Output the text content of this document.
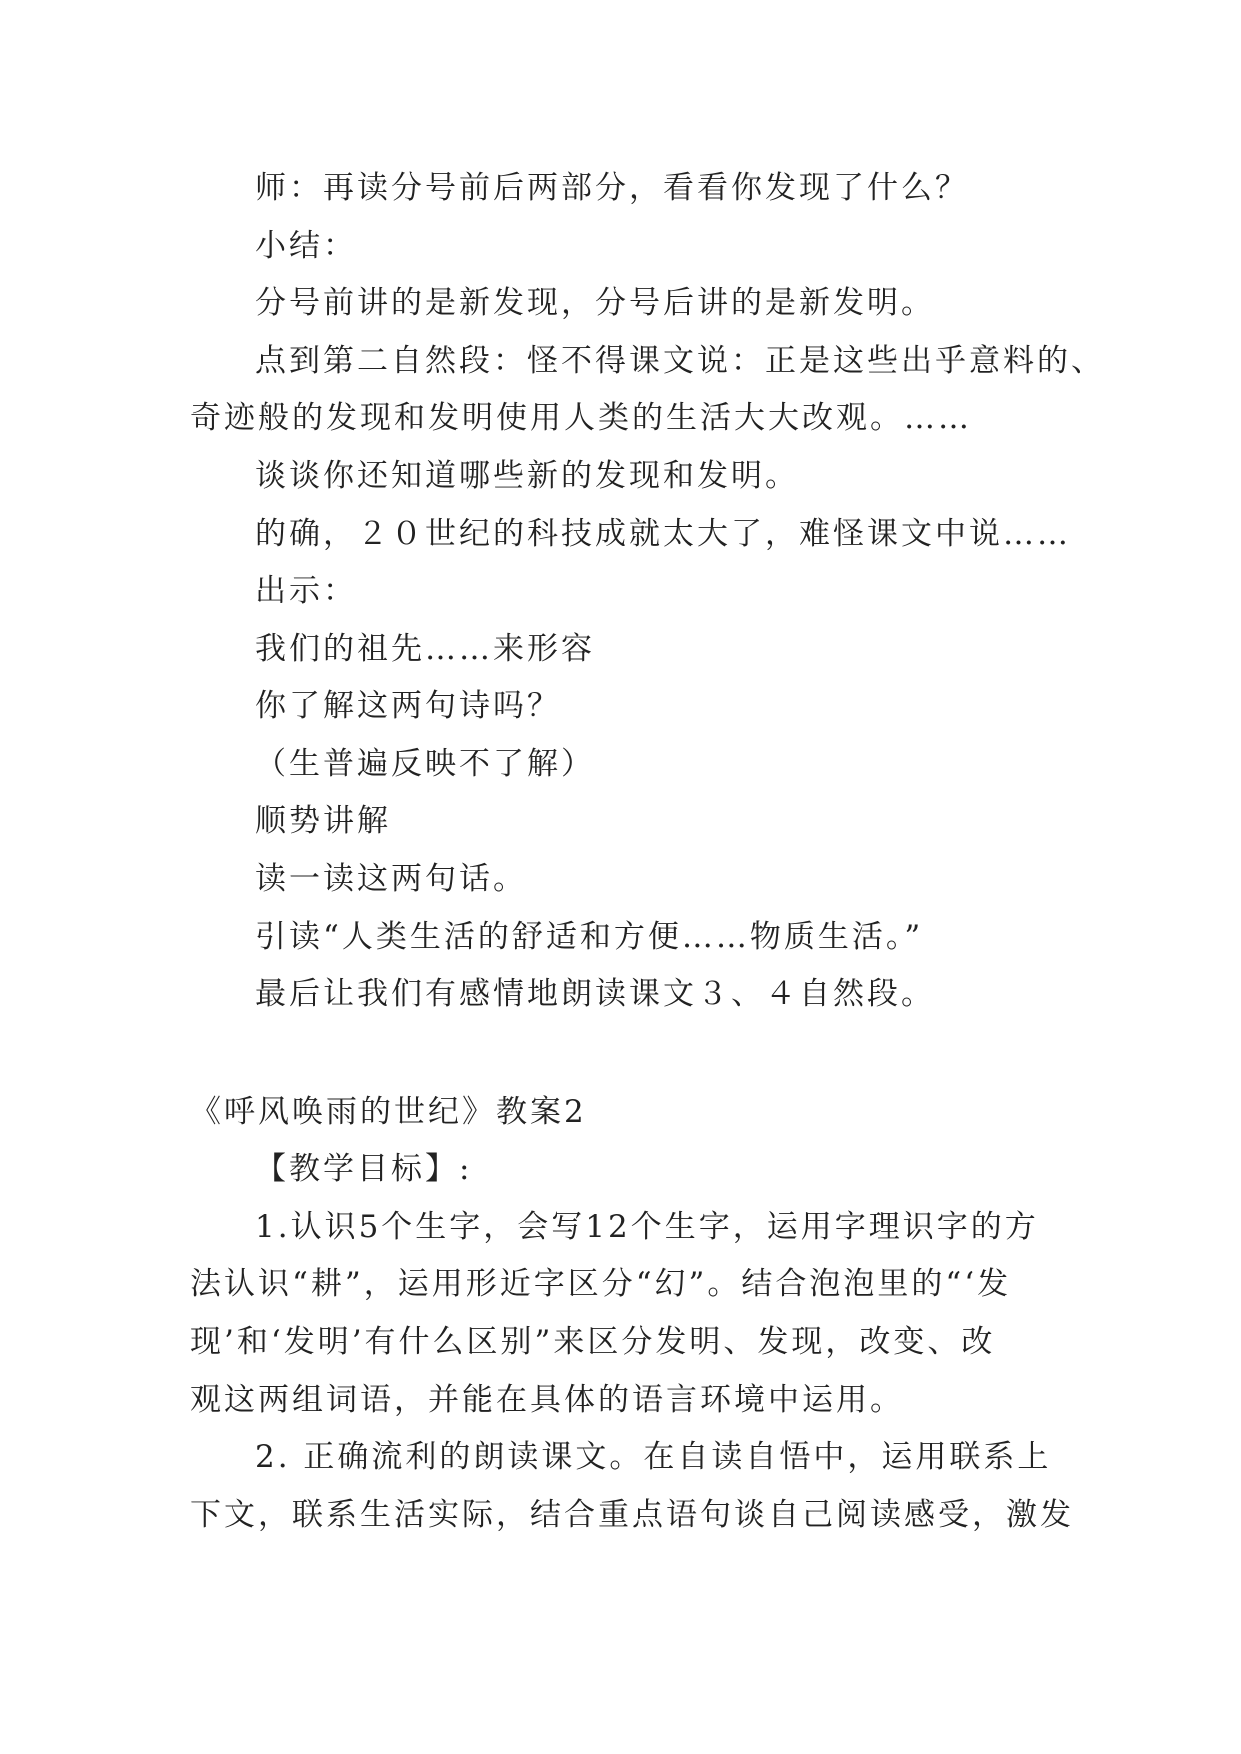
师：再读分号前后两部分，看看你发现了什么？
小结：
分号前讲的是新发现，分号后讲的是新发明。
点到第二自然段：怪不得课文说：正是这些出乎意料的、
奇迹般的发现和发明使用人类的生活大大改观。……
谈谈你还知道哪些新的发现和发明。
的确，２０世纪的科技成就太大了，难怪课文中说……
出示：
我们的祖先……来形容
你了解这两句诗吗？
（生普遍反映不了解）
顺势讲解
读一读这两句话。
引读“人类生活的舒适和方便……物质生活。”
最后让我们有感情地朗读课文３、４自然段。
《呼风唤雨的世纪》教案2
【教学目标】:
1.认识5个生字，会写12个生字，运用字理识字的方
法认识“耕”，运用形近字区分“幻”。结合泡泡里的“‘发
现’和‘发明’有什么区别”来区分发明、发现，改变、改
观这两组词语，并能在具体的语言环境中运用。
2. 正确流利的朗读课文。在自读自悟中，运用联系上
下文，联系生活实际，结合重点语句谈自己阅读感受，激发
